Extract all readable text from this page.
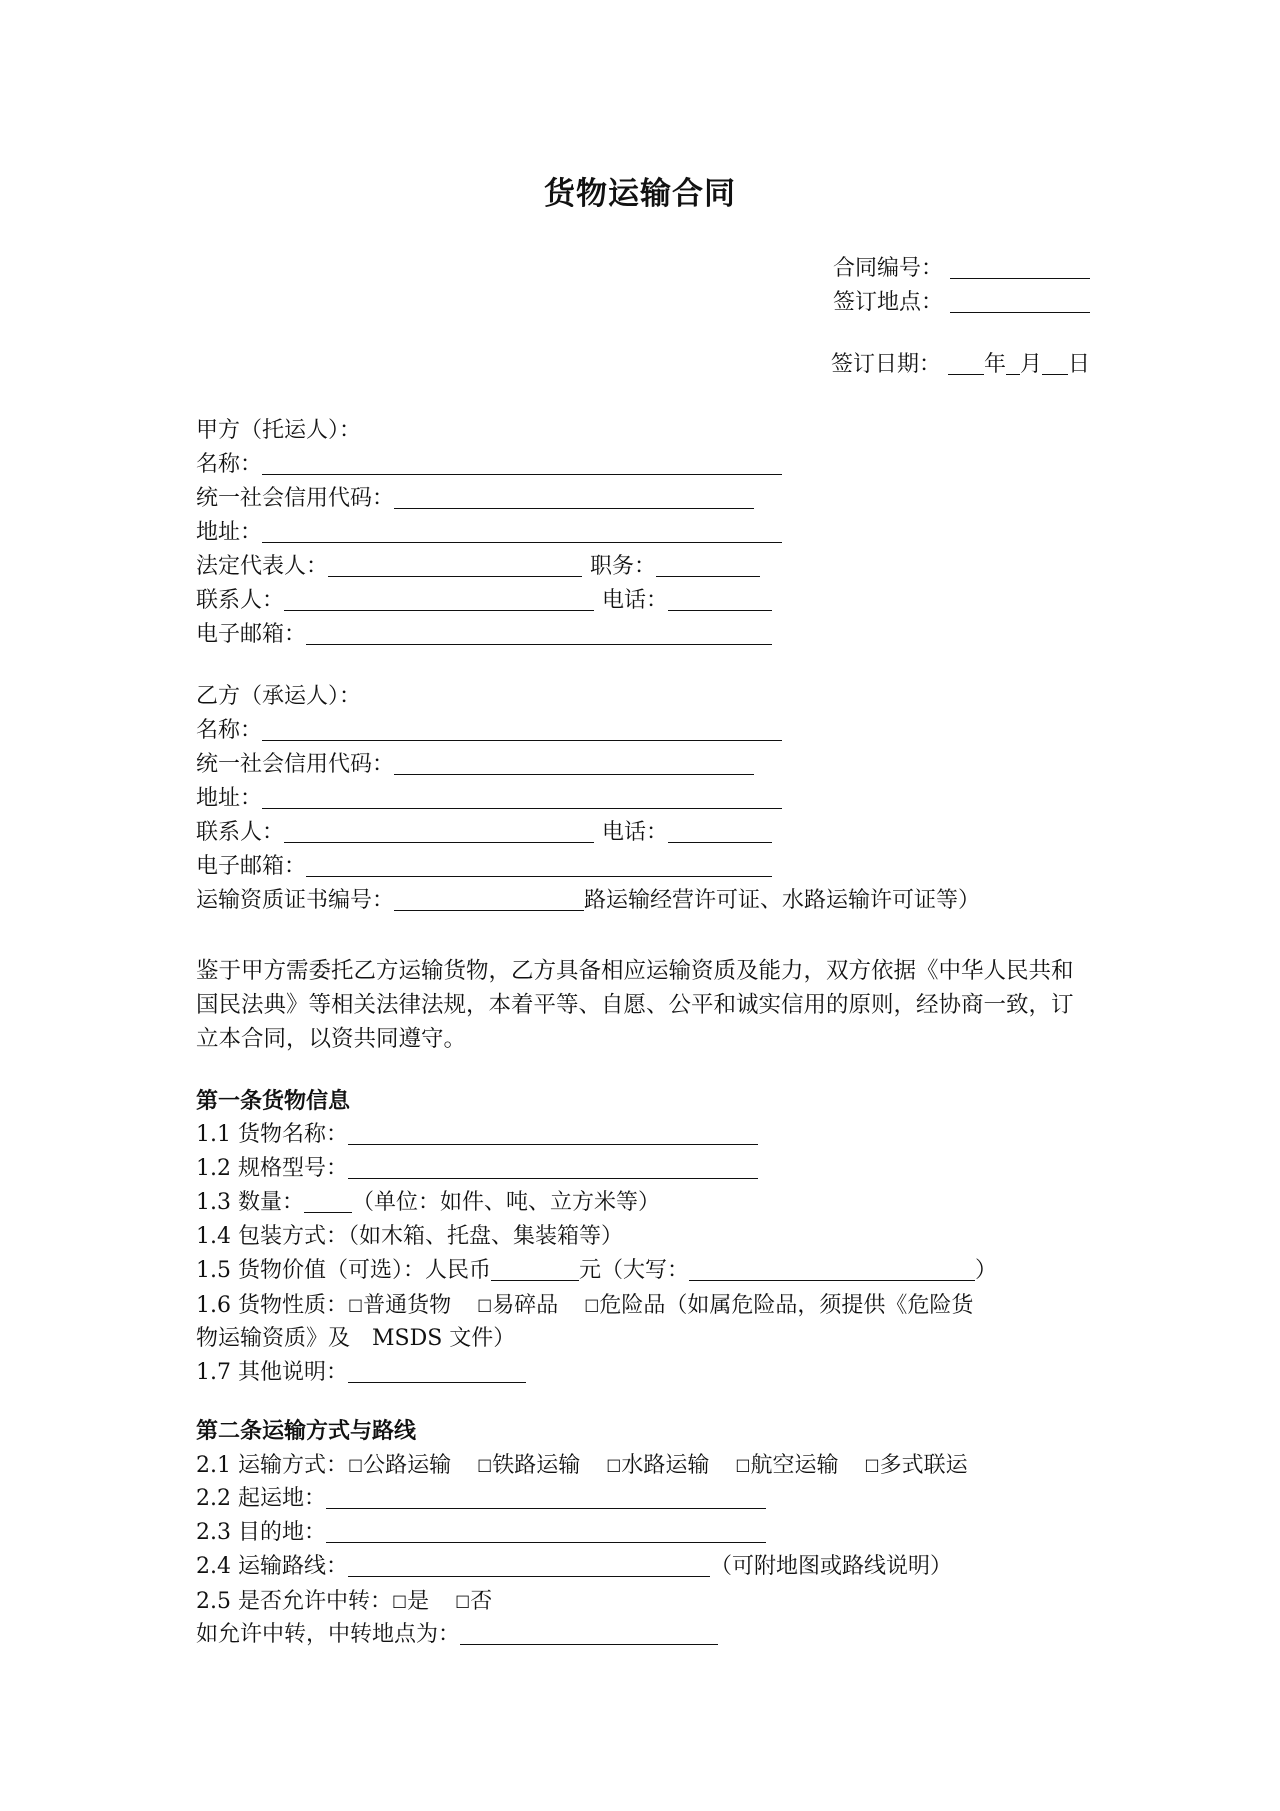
货物运输合同
合同编号：
签订地点：
签订日期： 年 月 日
甲方（托运人）：
名称：
统一社会信用代码：
地址：
法定代表人：	职务：
联系人：	电话：
电子邮箱：
乙方（承运人）：
名称：
统一社会信用代码：
地址：
联系人：	电话：
电子邮箱：
运输资质证书编号：	路运输经营许可证、水路运输许可证等）
鉴于甲方需委托乙方运输货物，乙方具备相应运输资质及能力，双方依据《中华人民共和国民法典》等相关法律法规，本着平等、自愿、公平和诚实信用的原则，经协商一致，订立本合同，以资共同遵守。
第一条货物信息
1.1 货物名称：
1.2 规格型号：
1.3 数量： （单位：如件、吨、立方米等）
1.4 包装方式：（如木箱、托盘、集装箱等）
1.5 货物价值（可选）：人民币	元（大写：	）
1.6 货物性质：□普通货物 □易碎品 □危险品（如属危险品，须提供《危险货
物运输资质》及　MSDS 文件）
1.7 其他说明：
第二条运输方式与路线
2.1 运输方式：□公路运输 □铁路运输 □水路运输 □航空运输 □多式联运
2.2 起运地：
2.3 目的地：
2.4 运输路线：	（可附地图或路线说明）
2.5 是否允许中转：□是 □否
如允许中转，中转地点为：
